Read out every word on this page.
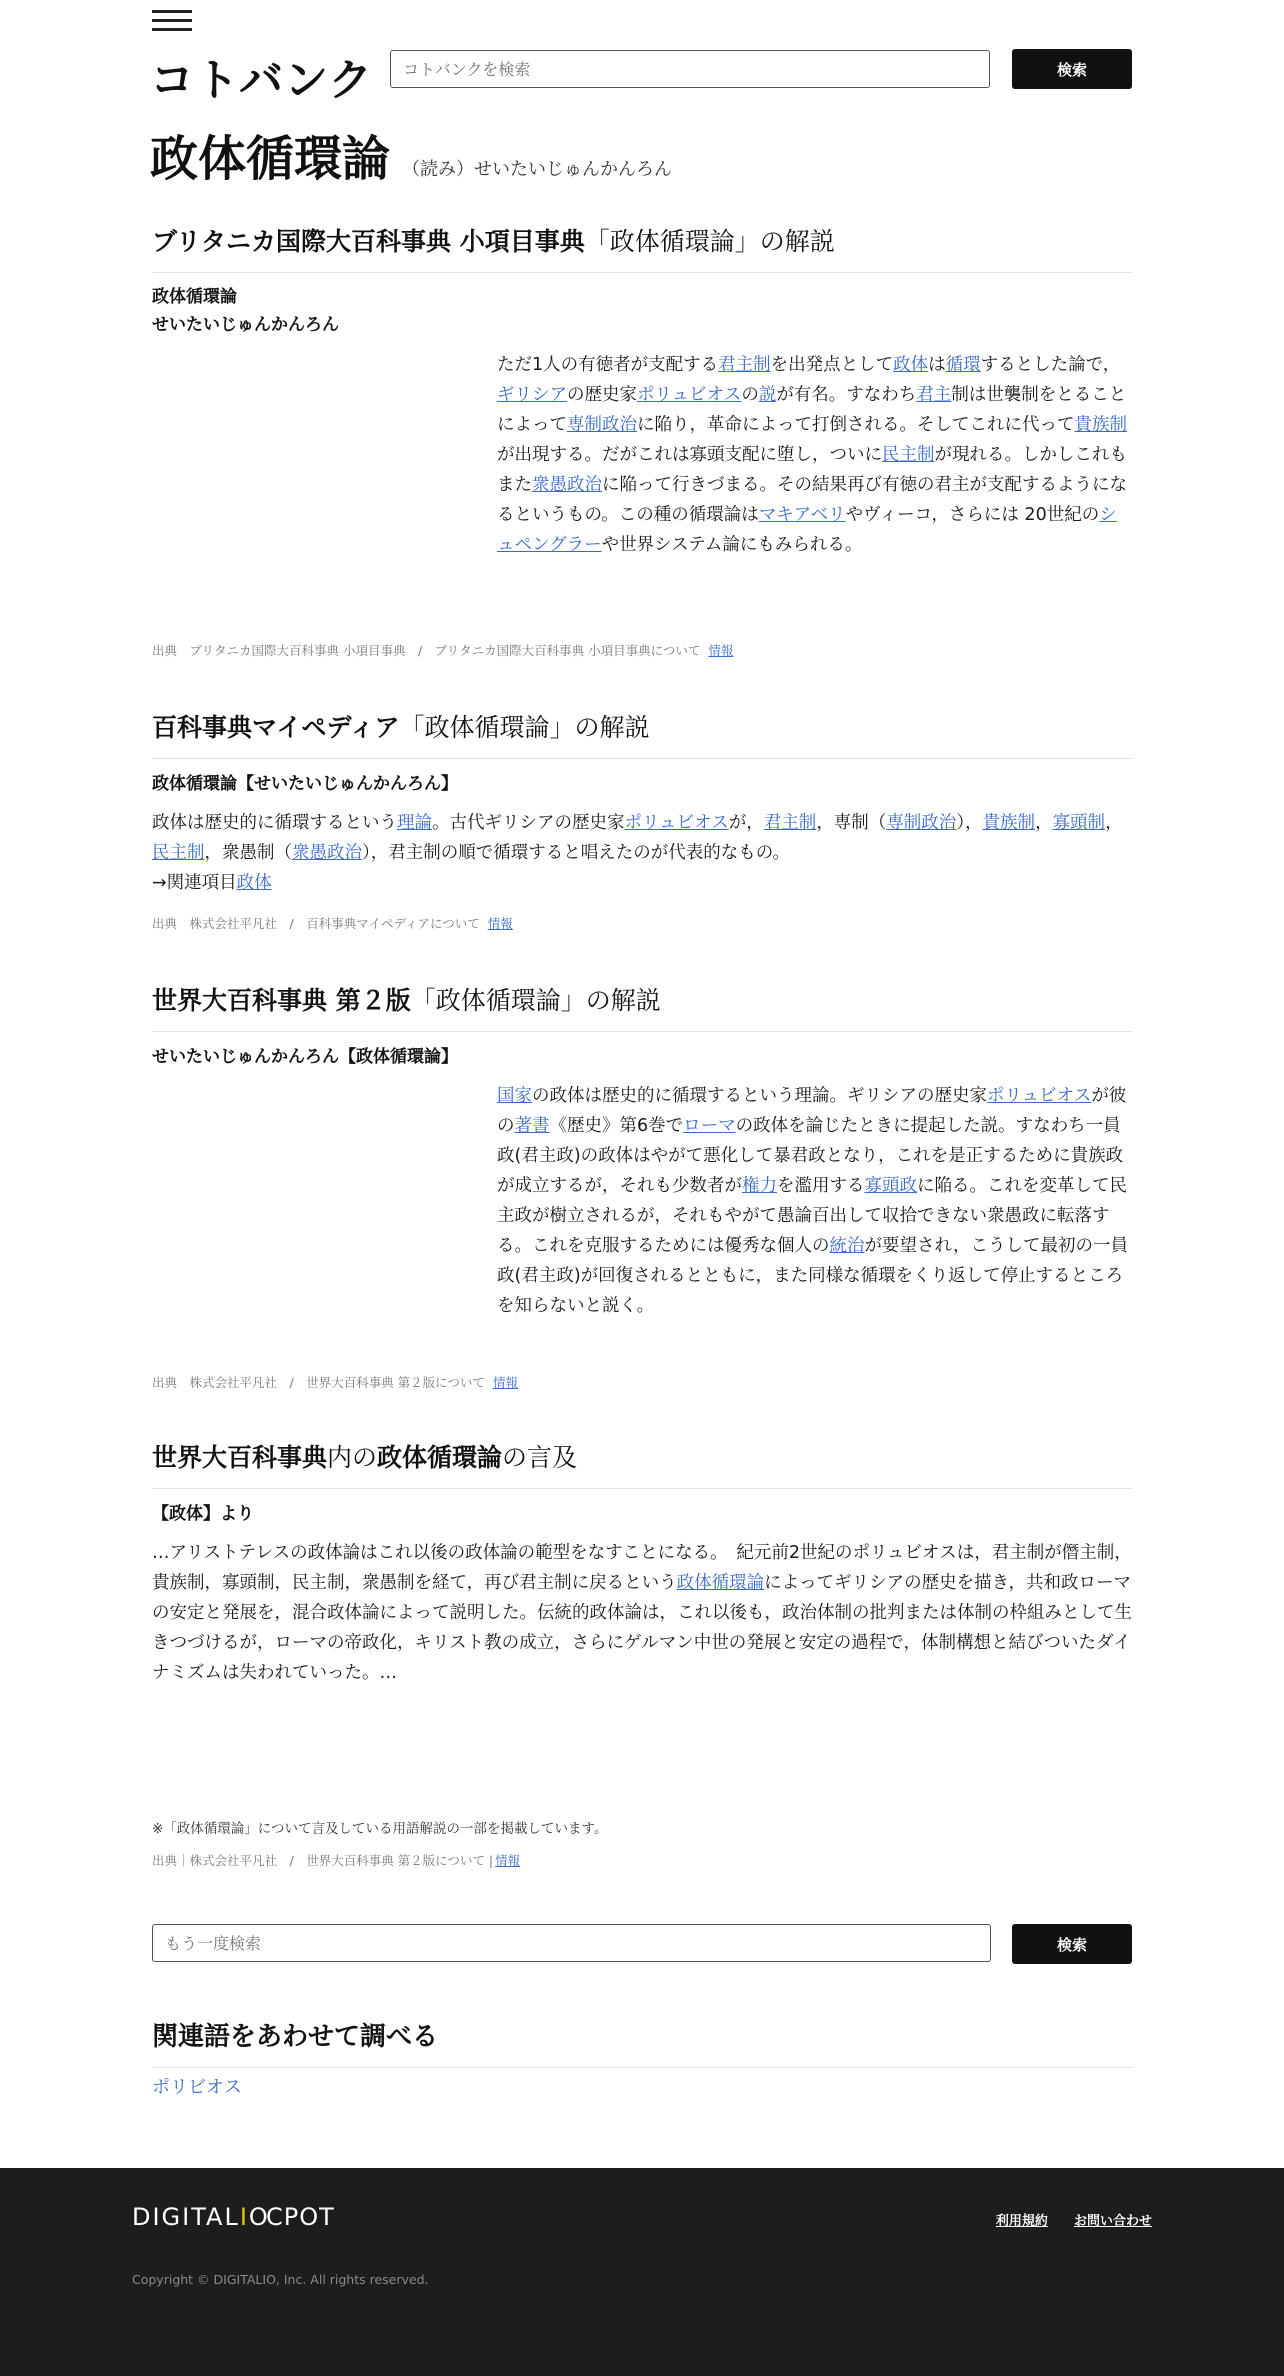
コトバンク
コトバンクを検索	検索
政体循環論 （読み）せいたいじゅんかんろん
ブリタニカ国際大百科事典 小項目事典「政体循環論」の解説
政体循環論
せいたいじゅんかんろん
ただ1人の有徳者が支配する君主制を出発点として政体は循環するとした論で，ギリシアの歴史家ポリュビオスの説が有名。すなわち君主制は世襲制をとることによって専制政治に陥り，革命によって打倒される。そしてこれに代って貴族制が出現する。だがこれは寡頭支配に堕し，ついに民主制が現れる。しかしこれもまた衆愚政治に陥って行きづまる。その結果再び有徳の君主が支配するようになるというもの。この種の循環論はマキアベリやヴィーコ，さらには 20世紀のシュペングラーや世界システム論にもみられる。
出典　ブリタニカ国際大百科事典 小項目事典　/　ブリタニカ国際大百科事典 小項目事典について 情報
百科事典マイペディア「政体循環論」の解説
政体循環論【せいたいじゅんかんろん】
政体は歴史的に循環するという理論。古代ギリシアの歴史家ポリュビオスが，君主制，専制（専制政治），貴族制，寡頭制，民主制，衆愚制（衆愚政治），君主制の順で循環すると唱えたのが代表的なもの。
→関連項目政体
出典　株式会社平凡社　/　百科事典マイペディアについて 情報
世界大百科事典 第２版「政体循環論」の解説
せいたいじゅんかんろん【政体循環論】
国家の政体は歴史的に循環するという理論。ギリシアの歴史家ポリュビオスが彼の著書《歴史》第6巻でローマの政体を論じたときに提起した説。すなわち一員政(君主政)の政体はやがて悪化して暴君政となり，これを是正するために貴族政が成立するが，それも少数者が権力を濫用する寡頭政に陥る。これを変革して民主政が樹立されるが，それもやがて愚論百出して収拾できない衆愚政に転落する。これを克服するためには優秀な個人の統治が要望され，こうして最初の一員政(君主政)が回復されるとともに，また同様な循環をくり返して停止するところを知らないと説く。
出典　株式会社平凡社　/　世界大百科事典 第２版について 情報
世界大百科事典内の政体循環論の言及
【政体】より
…アリストテレスの政体論はこれ以後の政体論の範型をなすことになる。　紀元前2世紀のポリュビオスは，君主制が僭主制，貴族制，寡頭制，民主制，衆愚制を経て，再び君主制に戻るという政体循環論によってギリシアの歴史を描き，共和政ローマの安定と発展を，混合政体論によって説明した。伝統的政体論は，これ以後も，政治体制の批判または体制の枠組みとして生きつづけるが，ローマの帝政化，キリスト教の成立，さらにゲルマン中世の発展と安定の過程で，体制構想と結びついたダイナミズムは失われていった。…
※「政体循環論」について言及している用語解説の一部を掲載しています。
出典｜株式会社平凡社　/　世界大百科事典 第２版について | 情報
もう一度検索
検索
関連語をあわせて調べる
ポリビオス
DIGITALIO
CPOT	利用規約 お問い合わせ
Copyright © DIGITALIO, Inc. All rights reserved.
